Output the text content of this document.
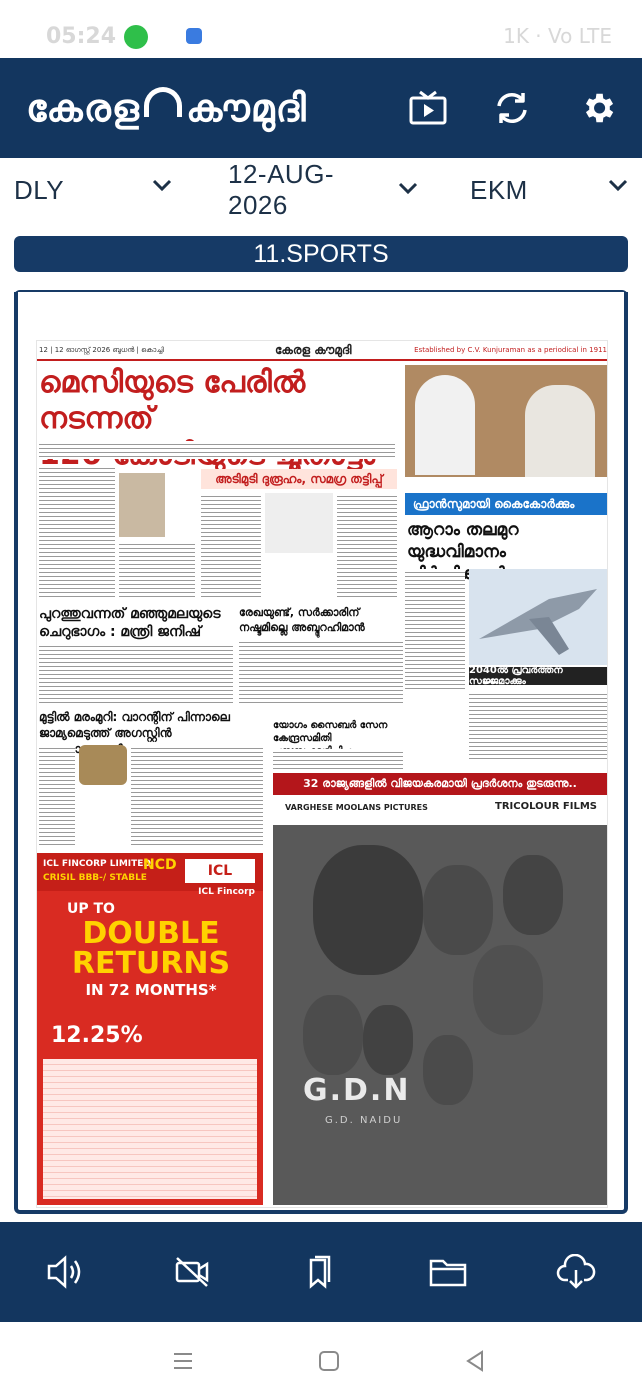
05:24	1K · Vo LTE
കേരള കൗമുദി
DLY
12-AUG-2026
EKM
11.SPORTS
12 | 12 ഓഗസ്റ്റ് 2026 ബുധൻ | കൊച്ചി	കേരള കൗമുദി	Established by C.V. Kunjuraman as a periodical in 1911
മെസിയുടെ പേരിൽ നടന്നത്
അടിമുടി ദുരൂഹം, സമഗ്ര തട്ടിപ്പ്
ഫ്രാൻസുമായി കൈകോർക്കും
ആറാം തലമുറ യുദ്ധവിമാനം
2040ൽ പ്രവർത്തന സജ്ജമാക്കും
പുറത്തുവന്നത് മഞ്ഞുമലയുടെ ചെറുഭാഗം : മന്ത്രി ജനിഷ്
രേഖയുണ്ട്, സർക്കാരിന് നഷ്ടമില്ലെ അബ്ദുറഹിമാൻ
മുട്ടിൽ മരംമുറി: വാറന്റിന് പിന്നാലെ ജാമ്യമെടുത്ത് അഗസ്റ്റിൻ
യോഗം സൈബർ സേന കേന്ദ്രസമിതി
ICL FINCORP LIMITED
CRISIL BBB-/ STABLE
NCD	ICL
ICL Fincorp
UP TO
DOUBLE
RETURNS
IN 72 MONTHS*
12.25%
32 രാജ്യങ്ങളിൽ വിജയകരമായി പ്രദർശനം തുടരുന്നു..
VARGHESE MOOLANS PICTURES	TRICOLOUR FILMS
G.D.N
G.D. NAIDU
